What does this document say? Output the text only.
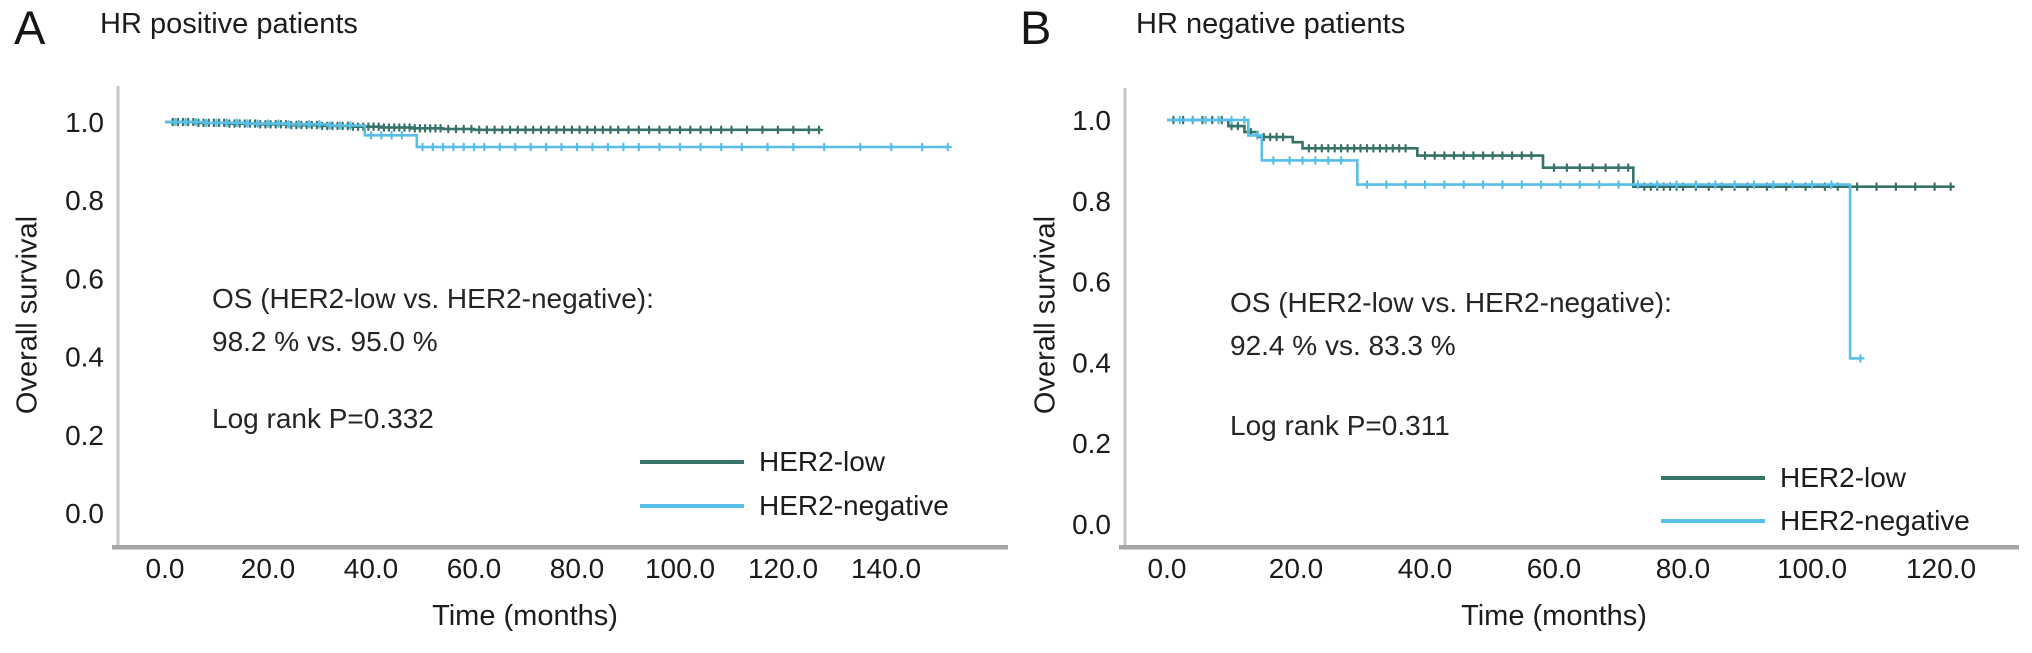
A HR positive patients
Overall survival
0.0 20.0 40.0 60.0 80.0 100.0 120.0 140.0
1.0
0.8
0.6
0.4
0.2
0.0
OS (HER2-low vs. HER2-negative):
98.2 % vs. 95.0 %
Log rank P=0.332
HER2-low
HER2-negative
Time (months)
B	HR negative patients
Overall survival
0.0	20.0	40.0	60.0	80.0 100.0 120.0
1.0
0.8
0.6
0.4
0.2
0.0
OS (HER2-low vs. HER2-negative):
92.4 % vs. 83.3 %
Log rank P=0.311
HER2-low
HER2-negative
Time (months)
